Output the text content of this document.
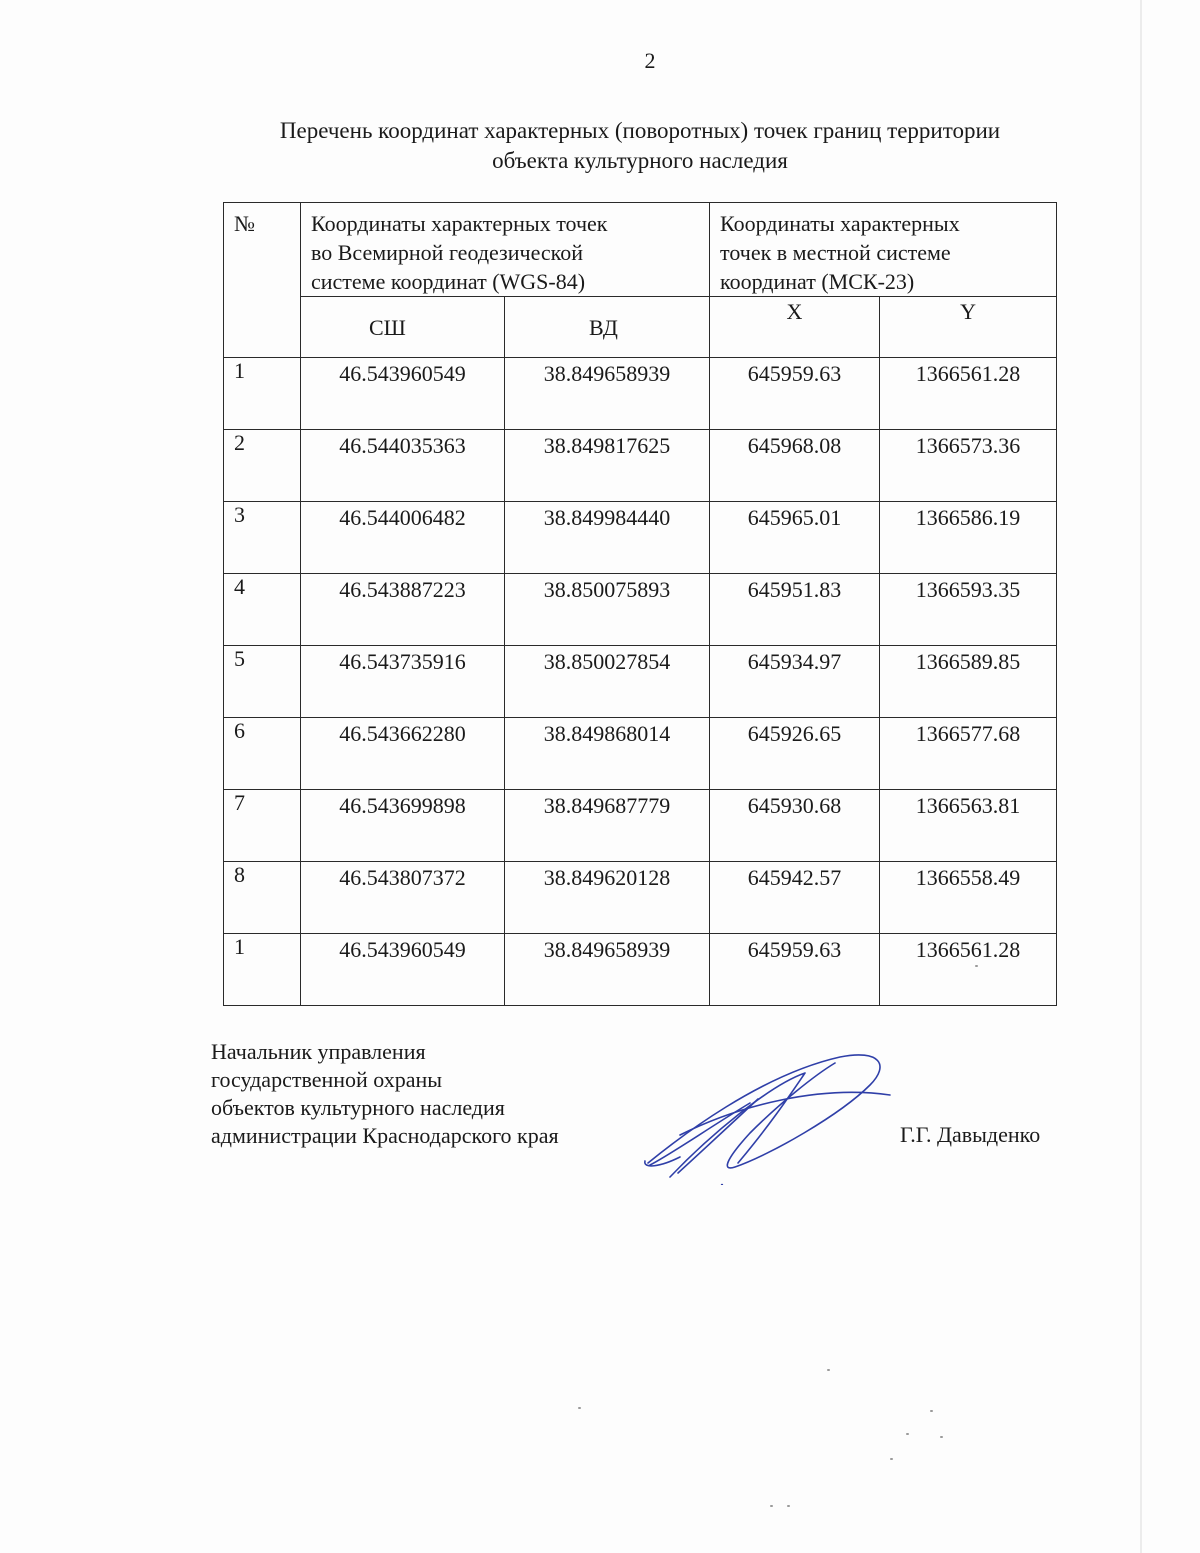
2
Перечень координат характерных (поворотных) точек границ территории
объекта культурного наследия
№	Координаты характерных точек
во Всемирной геодезической
системе координат (WGS-84)		Координаты характерных
точек в местной системе
координат (МСК-23)	
	СШ	ВД	X	Y
1	46.543960549	38.849658939	645959.63	1366561.28
2	46.544035363	38.849817625	645968.08	1366573.36
3	46.544006482	38.849984440	645965.01	1366586.19
4	46.543887223	38.850075893	645951.83	1366593.35
5	46.543735916	38.850027854	645934.97	1366589.85
6	46.543662280	38.849868014	645926.65	1366577.68
7	46.543699898	38.849687779	645930.68	1366563.81
8	46.543807372	38.849620128	645942.57	1366558.49
1	46.543960549	38.849658939	645959.63	1366561.28
Начальник управления
государственной охраны
объектов культурного наследия
администрации Краснодарского края	Г.Г. Давыденко
